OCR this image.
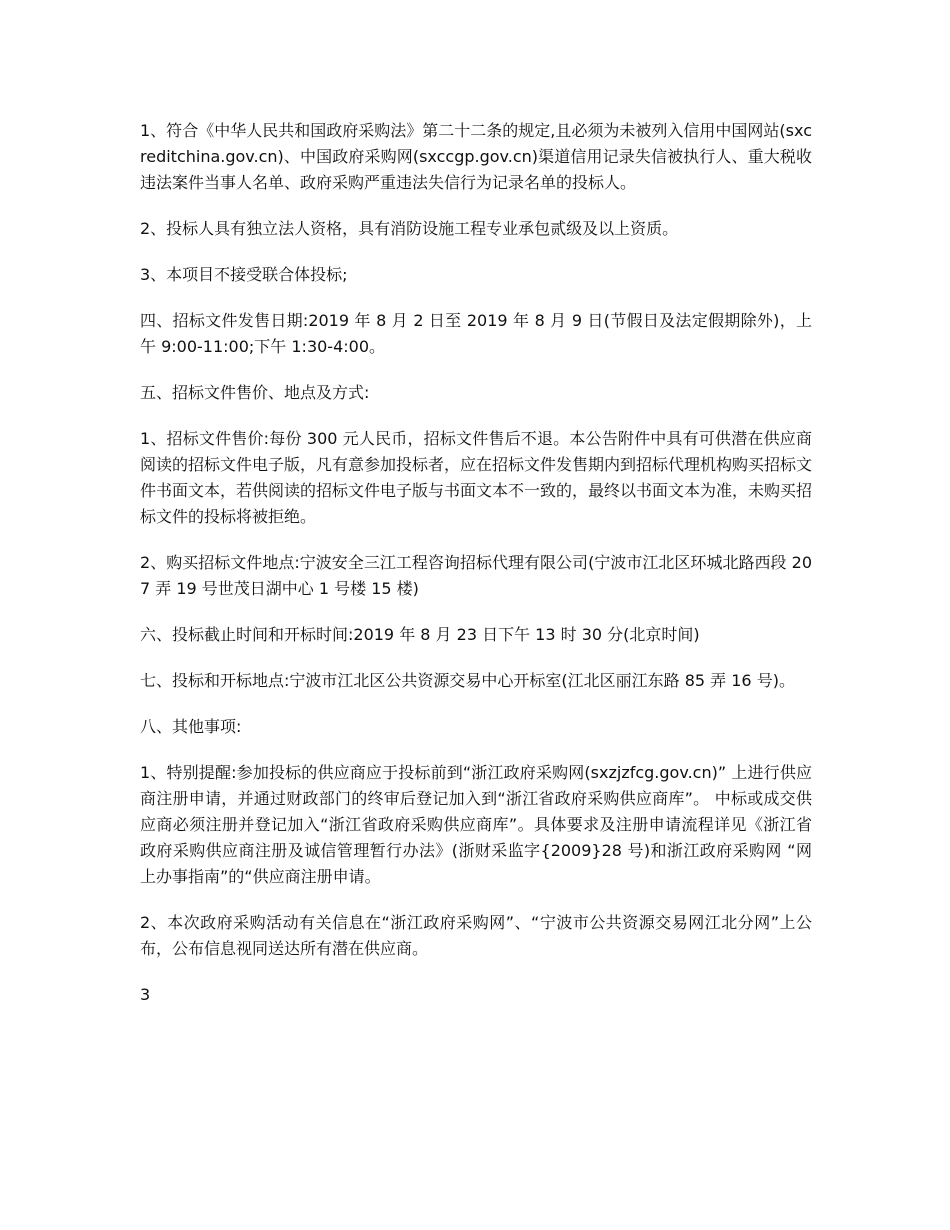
1、符合《中华人民共和国政府采购法》第二十二条的规定,且必须为未被列入信用中国网站(sxcreditchina.gov.cn)、中国政府采购网(sxccgp.gov.cn)渠道信用记录失信被执行人、重大税收违法案件当事人名单、政府采购严重违法失信行为记录名单的投标人。

2、投标人具有独立法人资格，具有消防设施工程专业承包贰级及以上资质。

3、本项目不接受联合体投标;

四、招标文件发售日期:2019 年 8 月 2 日至 2019 年 8 月 9 日(节假日及法定假期除外)，上午 9:00-11:00;下午 1:30-4:00。

五、招标文件售价、地点及方式:

1、招标文件售价:每份 300 元人民币，招标文件售后不退。本公告附件中具有可供潜在供应商阅读的招标文件电子版，凡有意参加投标者，应在招标文件发售期内到招标代理机构购买招标文件书面文本，若供阅读的招标文件电子版与书面文本不一致的，最终以书面文本为准，未购买招标文件的投标将被拒绝。

2、购买招标文件地点:宁波安全三江工程咨询招标代理有限公司(宁波市江北区环城北路西段 207 弄 19 号世茂日湖中心 1 号楼 15 楼)

六、投标截止时间和开标时间:2019 年 8 月 23 日下午 13 时 30 分(北京时间)

七、投标和开标地点:宁波市江北区公共资源交易中心开标室(江北区丽江东路 85 弄 16 号)。

八、其他事项:

1、特别提醒:参加投标的供应商应于投标前到“浙江政府采购网(sxzjzfcg.gov.cn)” 上进行供应商注册申请，并通过财政部门的终审后登记加入到“浙江省政府采购供应商库”。 中标或成交供应商必须注册并登记加入“浙江省政府采购供应商库”。具体要求及注册申请流程详见《浙江省政府采购供应商注册及诚信管理暂行办法》(浙财采监字{2009}28 号)和浙江政府采购网 “网上办事指南”的“供应商注册申请。

2、本次政府采购活动有关信息在“浙江政府采购网”、“宁波市公共资源交易网江北分网”上公布，公布信息视同送达所有潜在供应商。

3
